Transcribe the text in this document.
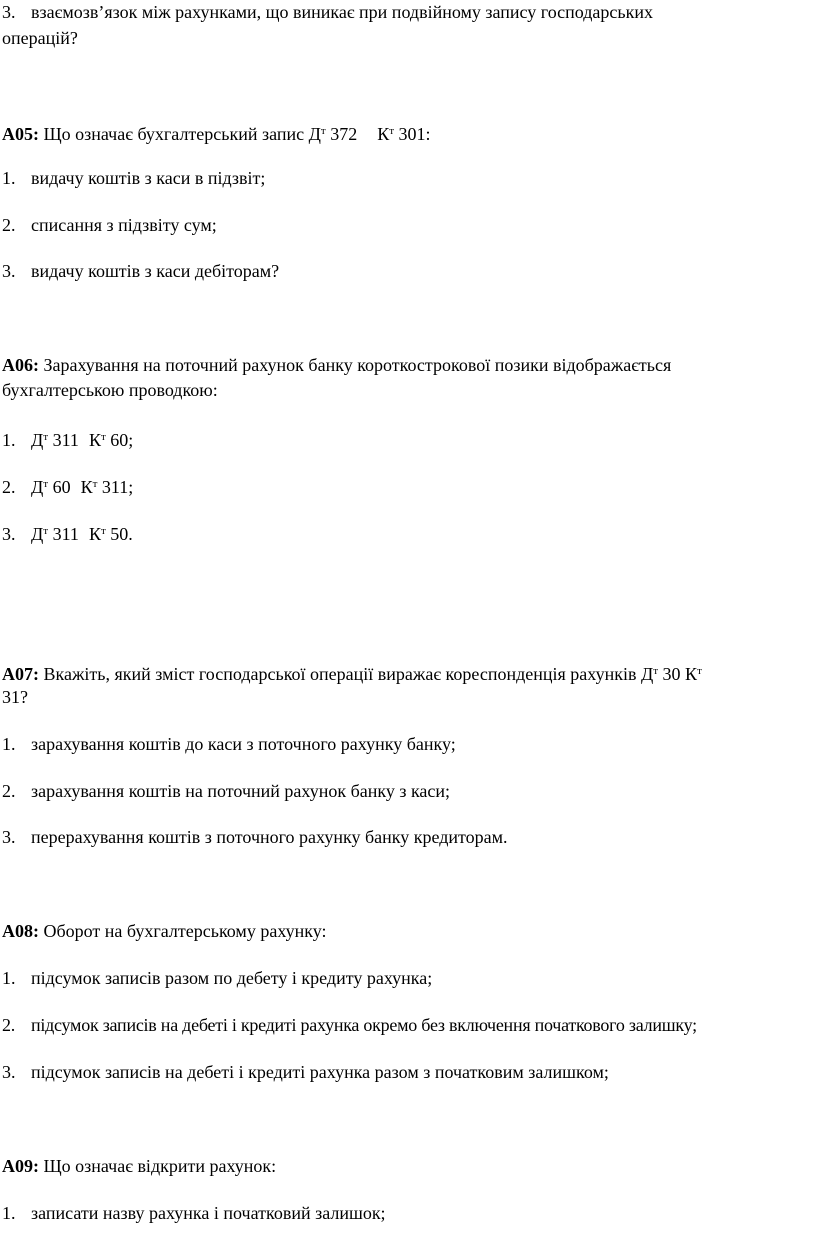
3. взаємозв’язок між рахунками, що виникає при подвійному запису господарських
операцій?
A05: Що означає бухгалтерський запис $Д^т$ 372 $К^т$ 301:
1. видачу коштів з каси в підзвіт;
2. списання з підзвіту сум;
3. видачу коштів з каси дебіторам?
A06: Зарахування на поточний рахунок банку короткострокової позики відображається
бухгалтерською проводкою:
1. $Д^т$ 311 $К^т$ 60;
2. $Д^т$ 60 $К^т$ 311;
3. $Д^т$ 311 $К^т$ 50.
A07: Вкажіть, який зміст господарської операції виражає кореспонденція рахунків $Д^т$ 30 $К^т$
31?
1. зарахування коштів до каси з поточного рахунку банку;
2. зарахування коштів на поточний рахунок банку з каси;
3. перерахування коштів з поточного рахунку банку кредиторам.
A08: Оборот на бухгалтерському рахунку:
1. підсумок записів разом по дебету і кредиту рахунка;
2. підсумок записів на дебеті і кредиті рахунка окремо без включення початкового залишку;
3. підсумок записів на дебеті і кредиті рахунка разом з початковим залишком;
A09: Що означає відкрити рахунок:
1. записати назву рахунка і початковий залишок;
